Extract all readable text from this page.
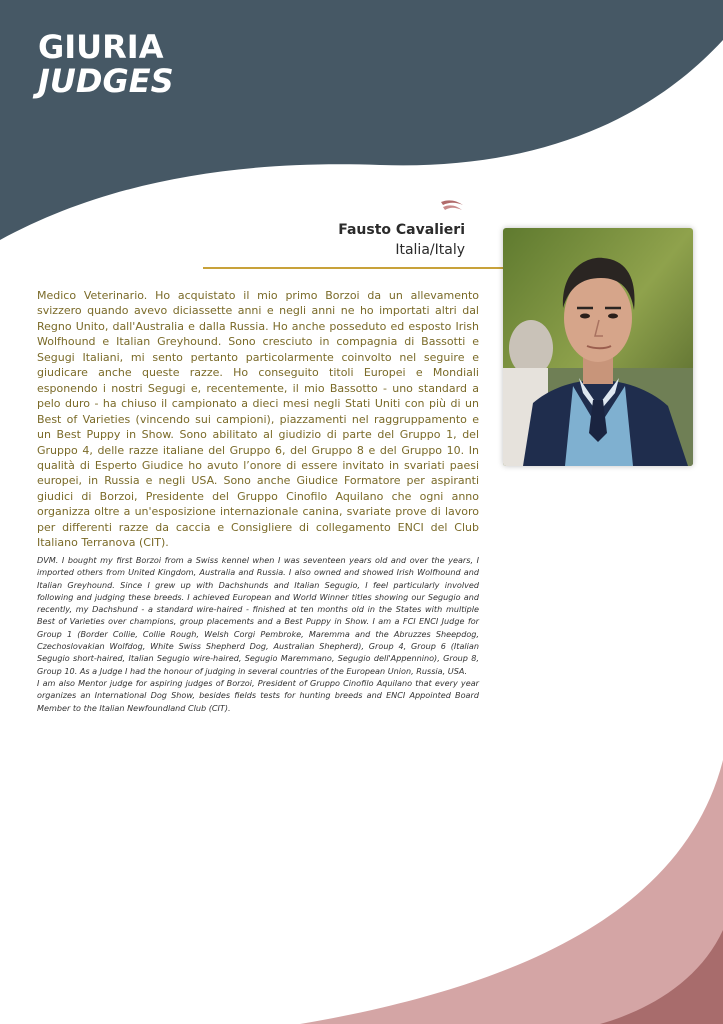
GIURIA
JUDGES
Fausto Cavalieri
Italia/Italy

Medico Veterinario. Ho acquistato il mio primo Borzoi da un allevamento svizzero quando avevo diciassette anni e negli anni ne ho importati altri dal Regno Unito, dall'Australia e dalla Russia. Ho anche posseduto ed esposto Irish Wolfhound e Italian Greyhound. Sono cresciuto in compagnia di Bassotti e Segugi Italiani, mi sento pertanto particolarmente coinvolto nel seguire e giudicare anche queste razze. Ho conseguito titoli Europei e Mondiali esponendo i nostri Segugi e, recentemente, il mio Bassotto - uno standard a pelo duro - ha chiuso il campionato a dieci mesi negli Stati Uniti con più di un Best of Varieties (vincendo sui campioni), piazzamenti nel raggruppamento e un Best Puppy in Show. Sono abilitato al giudizio di parte del Gruppo 1, del Gruppo 4, delle razze italiane del Gruppo 6, del Gruppo 8 e del Gruppo 10. In qualità di Esperto Giudice ho avuto l’onore di essere invitato in svariati paesi europei, in Russia e negli USA. Sono anche Giudice Formatore per aspiranti giudici di Borzoi, Presidente del Gruppo Cinofilo Aquilano che ogni anno organizza oltre a un'esposizione internazionale canina, svariate prove di lavoro per differenti razze da caccia e Consigliere di collegamento ENCI del Club Italiano Terranova (CIT).

DVM. I bought my first Borzoi from a Swiss kennel when I was seventeen years old and over the years, I imported others from United Kingdom, Australia and Russia. I also owned and showed Irish Wolfhound and Italian Greyhound. Since I grew up with Dachshunds and Italian Segugio, I feel particularly involved following and judging these breeds. I achieved European and World Winner titles showing our Segugio and recently, my Dachshund - a standard wire-haired - finished at ten months old in the States with multiple Best of Varieties over champions, group placements and a Best Puppy in Show. I am a FCI ENCI Judge for Group 1 (Border Collie, Collie Rough, Welsh Corgi Pembroke, Maremma and the Abruzzes Sheepdog, Czechoslovakian Wolfdog, White Swiss Shepherd Dog, Australian Shepherd), Group 4, Group 6 (Italian Segugio short-haired, Italian Segugio wire-haired, Segugio Maremmano, Segugio dell'Appennino), Group 8, Group 10. As a Judge I had the honour of judging in several countries of the European Union, Russia, USA.

I am also Mentor judge for aspiring judges of Borzoi, President of Gruppo Cinofilo Aquilano that every year organizes an International Dog Show, besides fields tests for hunting breeds and ENCI Appointed Board Member to the Italian Newfoundland Club (CIT).
